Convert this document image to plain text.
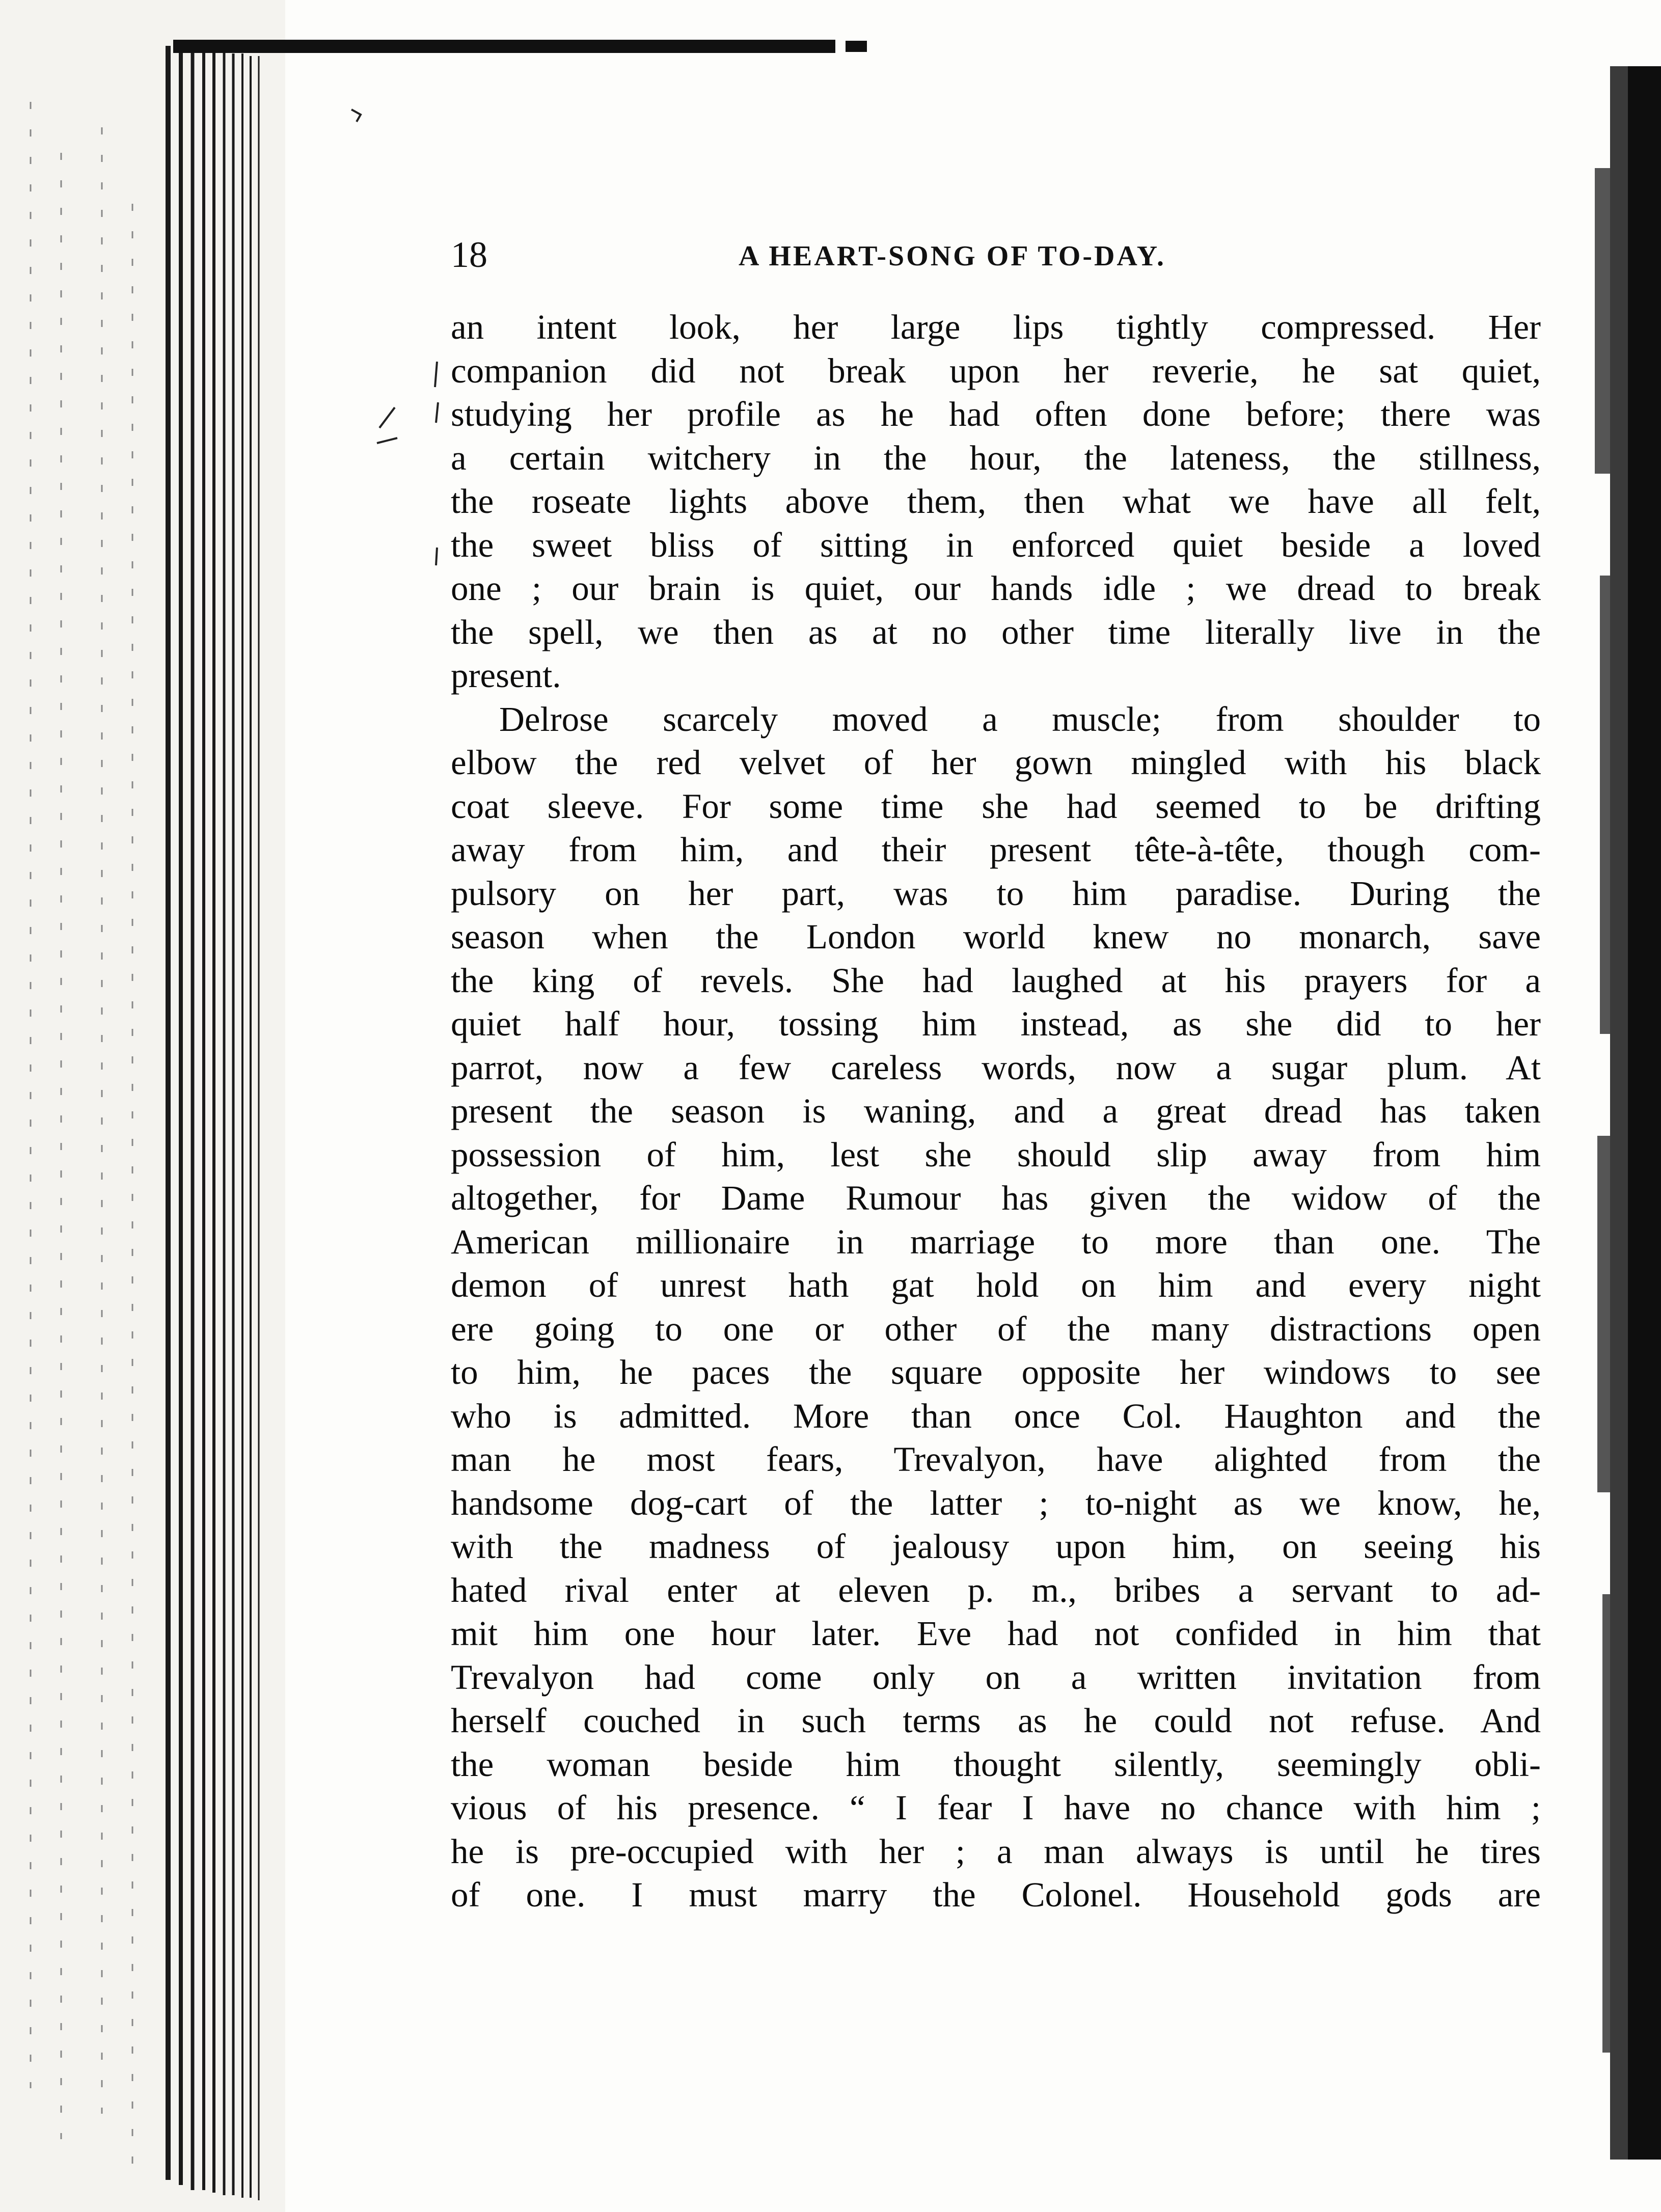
18	A HEART-SONG OF TO-DAY.
an intent look, her large lips tightly compressed. Her
companion did not break upon her reverie, he sat quiet,
studying her profile as he had often done before; there was
a certain witchery in the hour, the lateness, the stillness,
the roseate lights above them, then what we have all felt,
the sweet bliss of sitting in enforced quiet beside a loved
one ; our brain is quiet, our hands idle ; we dread to break
the spell, we then as at no other time literally live in the
present.
Delrose scarcely moved a muscle; from shoulder to
elbow the red velvet of her gown mingled with his black
coat sleeve. For some time she had seemed to be drifting
away from him, and their present tête-à-tête, though com-
pulsory on her part, was to him paradise. During the
season when the London world knew no monarch, save
the king of revels. She had laughed at his prayers for a
quiet half hour, tossing him instead, as she did to her
parrot, now a few careless words, now a sugar plum. At
present the season is waning, and a great dread has taken
possession of him, lest she should slip away from him
altogether, for Dame Rumour has given the widow of the
American millionaire in marriage to more than one. The
demon of unrest hath gat hold on him and every night
ere going to one or other of the many distractions open
to him, he paces the square opposite her windows to see
who is admitted. More than once Col. Haughton and the
man he most fears, Trevalyon, have alighted from the
handsome dog-cart of the latter ; to-night as we know, he,
with the madness of jealousy upon him, on seeing his
hated rival enter at eleven p. m., bribes a servant to ad-
mit him one hour later. Eve had not confided in him that
Trevalyon had come only on a written invitation from
herself couched in such terms as he could not refuse. And
the woman beside him thought silently, seemingly obli-
vious of his presence. “ I fear I have no chance with him ;
he is pre-occupied with her ; a man always is until he tires
of one. I must marry the Colonel. Household gods are
